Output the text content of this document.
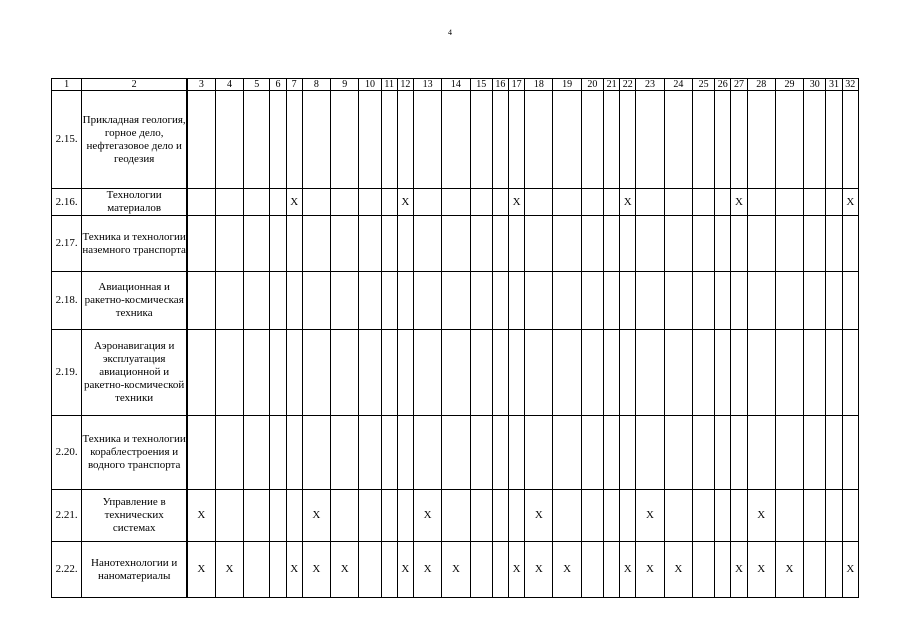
4
1	2	3	4	5	6	7	8	9	10	11	12	13	14	15	16	17	18	19	20	21	22	23	24	25	26	27	28	29	30	31	32
2.15.	Прикладная геология, горное дело, нефтегазовое дело и геодезия																														
2.16.	Технологии материалов					X					X					X					X					X					X
2.17.	Техника и технологии наземного транспорта																														
2.18.	Авиационная и ракетно-космическая техника																														
2.19.	Аэронавигация и эксплуатация авиационной и ракетно-космической техники																														
2.20.	Техника и технологии кораблестроения и водного транспорта																														
2.21.	Управление в технических системах	X					X					X					X					X					X				
2.22.	Нанотехнологии и наноматериалы	X	X			X	X	X			X	X	X			X	X	X			X	X	X			X	X	X			X
